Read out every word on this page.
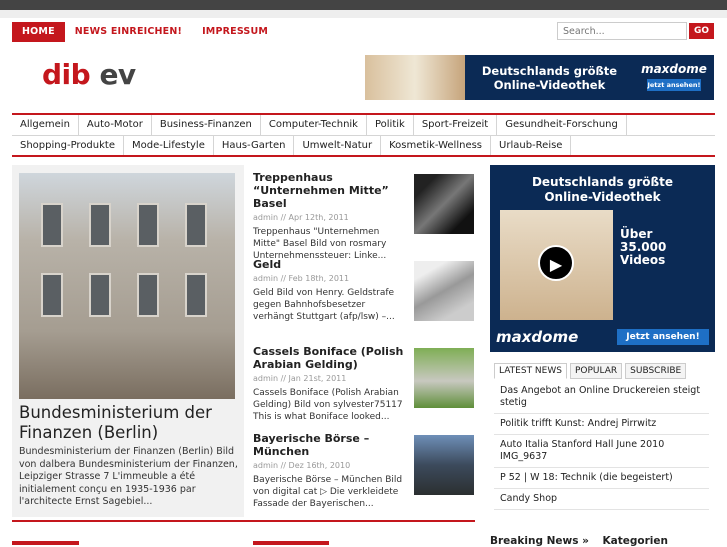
HOME	NEWS EINREICHEN!	IMPRESSUM
Search...	GO
dib ev	Deutschlands größte
Online-Videothek
maxdome
Jetzt ansehen!
Allgemein	Auto-Motor	Business-Finanzen	Computer-Technik	Politik	Sport-Freizeit	Gesundheit-Forschung
Shopping-Produkte	Mode-Lifestyle	Haus-Garten	Umwelt-Natur	Kosmetik-Wellness	Urlaub-Reise
Bundesministerium der Finanzen (Berlin)
Bundesministerium der Finanzen (Berlin) Bild von dalbera Bundesministerium der Finanzen, Leipziger Strasse 7 L'immeuble a été initialement conçu en 1935-1936 par l'architecte Ernst Sagebiel...
Treppenhaus “Unternehmen Mitte” Basel
admin // Apr 12th, 2011
Treppenhaus "Unternehmen Mitte" Basel Bild von rosmary Unternehmenssteuer: Linke...
Geld
admin // Feb 18th, 2011
Geld Bild von Henry. Geldstrafe gegen Bahnhofsbesetzer verhängt Stuttgart (afp/lsw) –...
Cassels Boniface (Polish Arabian Gelding)
admin // Jan 21st, 2011
Cassels Boniface (Polish Arabian Gelding) Bild von sylvester75117 This is what Boniface looked...
Bayerische Börse – München
admin // Dez 16th, 2010
Bayerische Börse – München Bild von digital cat ▷ Die verkleidete Fassade der Bayerischen...
Deutschlands größte
Online-Videothek
▶
Über
35.000
Videos
maxdome	Jetzt ansehen!
LATEST NEWS	POPULAR	SUBSCRIBE
Das Angebot an Online Druckereien steigt stetig
Politik trifft Kunst: Andrej Pirrwitz
Auto Italia Stanford Hall June 2010 IMG_9637
P 52 | W 18: Technik (die begeistert)
Candy Shop
Breaking News »	Kategorien
